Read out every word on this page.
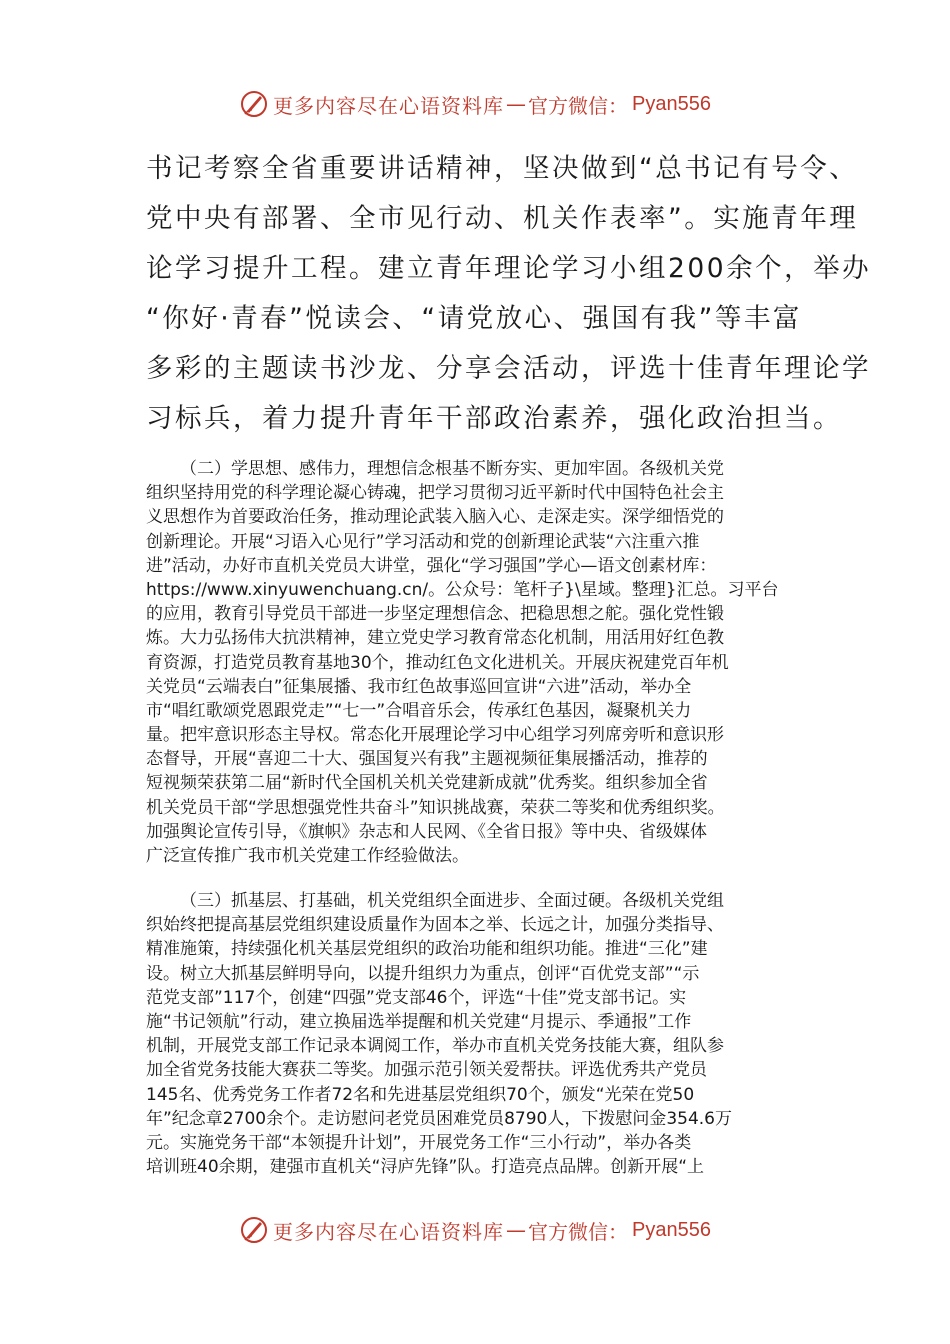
更多内容尽在心语资料库 — 官方微信： Pyan556
书记考察全省重要讲话精神，坚决做到“总书记有号令、
党中央有部署、全市见行动、机关作表率”。实施青年理
论学习提升工程。建立青年理论学习小组200余个，举办
“你好·青春”悦读会、“请党放心、强国有我”等丰富
多彩的主题读书沙龙、分享会活动，评选十佳青年理论学
习标兵，着力提升青年干部政治素养，强化政治担当。
（二）学思想、感伟力，理想信念根基不断夯实、更加牢固。各级机关党
组织坚持用党的科学理论凝心铸魂，把学习贯彻习近平新时代中国特色社会主
义思想作为首要政治任务，推动理论武装入脑入心、走深走实。深学细悟党的
创新理论。开展“习语入心见行”学习活动和党的创新理论武装“六注重六推
进”活动，办好市直机关党员大讲堂，强化“学习强国”学心—语文创素材库：
https://www.xinyuwenchuang.cn/。公众号：笔杆子}\星域。整理}汇总。习平台
的应用，教育引导党员干部进一步坚定理想信念、把稳思想之舵。强化党性锻
炼。大力弘扬伟大抗洪精神，建立党史学习教育常态化机制，用活用好红色教
育资源，打造党员教育基地30个，推动红色文化进机关。开展庆祝建党百年机
关党员“云端表白”征集展播、我市红色故事巡回宣讲“六进”活动，举办全
市“唱红歌颂党恩跟党走”“七一”合唱音乐会，传承红色基因，凝聚机关力
量。把牢意识形态主导权。常态化开展理论学习中心组学习列席旁听和意识形
态督导，开展“喜迎二十大、强国复兴有我”主题视频征集展播活动，推荐的
短视频荣获第二届“新时代全国机关机关党建新成就”优秀奖。组织参加全省
机关党员干部“学思想强党性共奋斗”知识挑战赛，荣获二等奖和优秀组织奖。
加强舆论宣传引导，《旗帜》杂志和人民网、《全省日报》等中央、省级媒体
广泛宣传推广我市机关党建工作经验做法。
（三）抓基层、打基础，机关党组织全面进步、全面过硬。各级机关党组
织始终把提高基层党组织建设质量作为固本之举、长远之计，加强分类指导、
精准施策，持续强化机关基层党组织的政治功能和组织功能。推进“三化”建
设。树立大抓基层鲜明导向，以提升组织力为重点，创评“百优党支部”“示
范党支部”117个，创建“四强”党支部46个，评选“十佳”党支部书记。实
施“书记领航”行动，建立换届选举提醒和机关党建“月提示、季通报”工作
机制，开展党支部工作记录本调阅工作，举办市直机关党务技能大赛，组队参
加全省党务技能大赛获二等奖。加强示范引领关爱帮扶。评选优秀共产党员
145名、优秀党务工作者72名和先进基层党组织70个，颁发“光荣在党50
年”纪念章2700余个。走访慰问老党员困难党员8790人，下拨慰问金354.6万
元。实施党务干部“本领提升计划”，开展党务工作“三小行动”，举办各类
培训班40余期，建强市直机关“浔庐先锋”队。打造亮点品牌。创新开展“上
更多内容尽在心语资料库 — 官方微信： Pyan556
